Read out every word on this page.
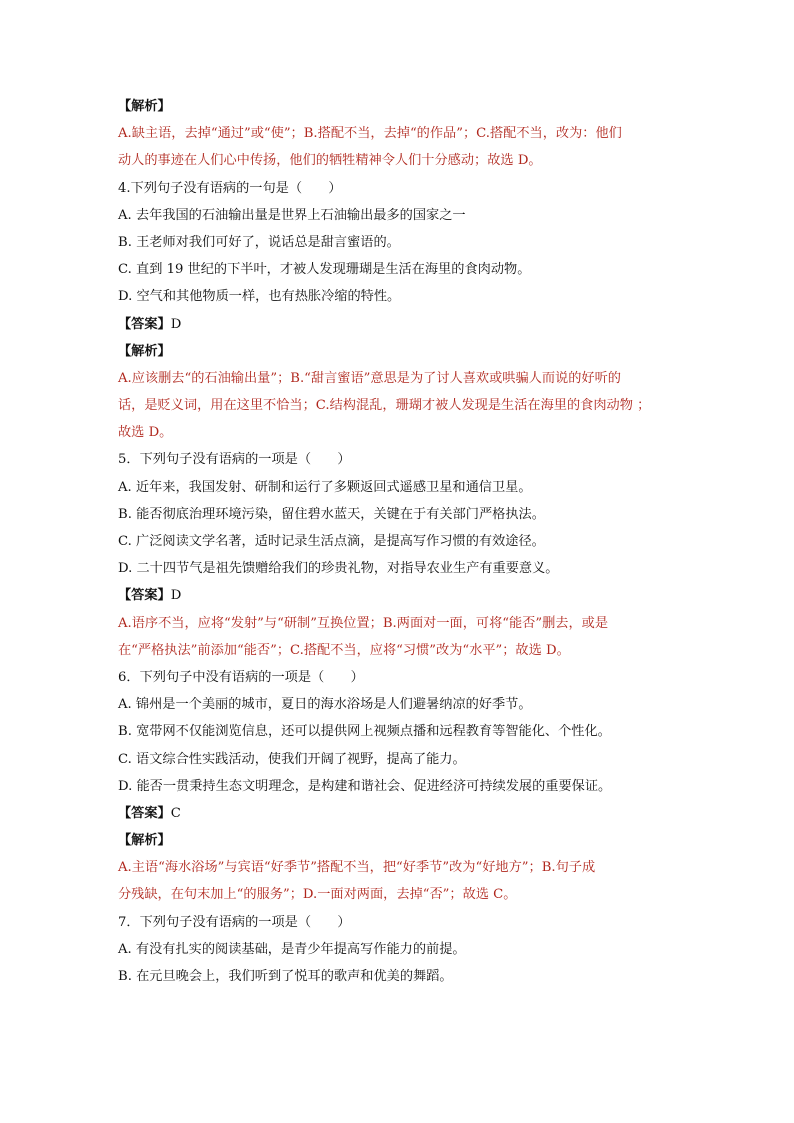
【解析】
A.缺主语，去掉“通过”或“使”；B.搭配不当，去掉“的作品”；C.搭配不当，改为：他们
动人的事迹在人们心中传扬，他们的牺牲精神令人们十分感动；故选 D。
4.下列句子没有语病的一句是（　　）
A. 去年我国的石油输出量是世界上石油输出最多的国家之一
B. 王老师对我们可好了，说话总是甜言蜜语的。
C. 直到 19 世纪的下半叶，才被人发现珊瑚是生活在海里的食肉动物。
D. 空气和其他物质一样，也有热胀冷缩的特性。
【答案】D
【解析】
A.应该删去“的石油输出量”；B.“甜言蜜语”意思是为了讨人喜欢或哄骗人而说的好听的
话，是贬义词，用在这里不恰当；C.结构混乱，珊瑚才被人发现是生活在海里的食肉动物 ；
故选 D。
5．下列句子没有语病的一项是（　　）
A. 近年来，我国发射、研制和运行了多颗返回式遥感卫星和通信卫星。
B. 能否彻底治理环境污染，留住碧水蓝天，关键在于有关部门严格执法。
C. 广泛阅读文学名著，适时记录生活点滴，是提高写作习惯的有效途径。
D. 二十四节气是祖先馈赠给我们的珍贵礼物，对指导农业生产有重要意义。
【答案】D
A.语序不当，应将“发射”与“研制”互换位置；B.两面对一面，可将“能否”删去，或是
在“严格执法”前添加“能否”；C.搭配不当，应将“习惯”改为“水平”；故选 D。
6．下列句子中没有语病的一项是（　　）
A. 锦州是一个美丽的城市，夏日的海水浴场是人们避暑纳凉的好季节。
B. 宽带网不仅能浏览信息，还可以提供网上视频点播和远程教育等智能化、个性化。
C. 语文综合性实践活动，使我们开阔了视野，提高了能力。
D. 能否一贯秉持生态文明理念，是构建和谐社会、促进经济可持续发展的重要保证。
【答案】C
【解析】
A.主语“海水浴场”与宾语“好季节”搭配不当，把“好季节”改为“好地方”；B.句子成
分残缺，在句末加上“的服务”；D.一面对两面，去掉“否”；故选 C。
7．下列句子没有语病的一项是（　　）
A. 有没有扎实的阅读基础，是青少年提高写作能力的前提。
B. 在元旦晚会上，我们听到了悦耳的歌声和优美的舞蹈。
